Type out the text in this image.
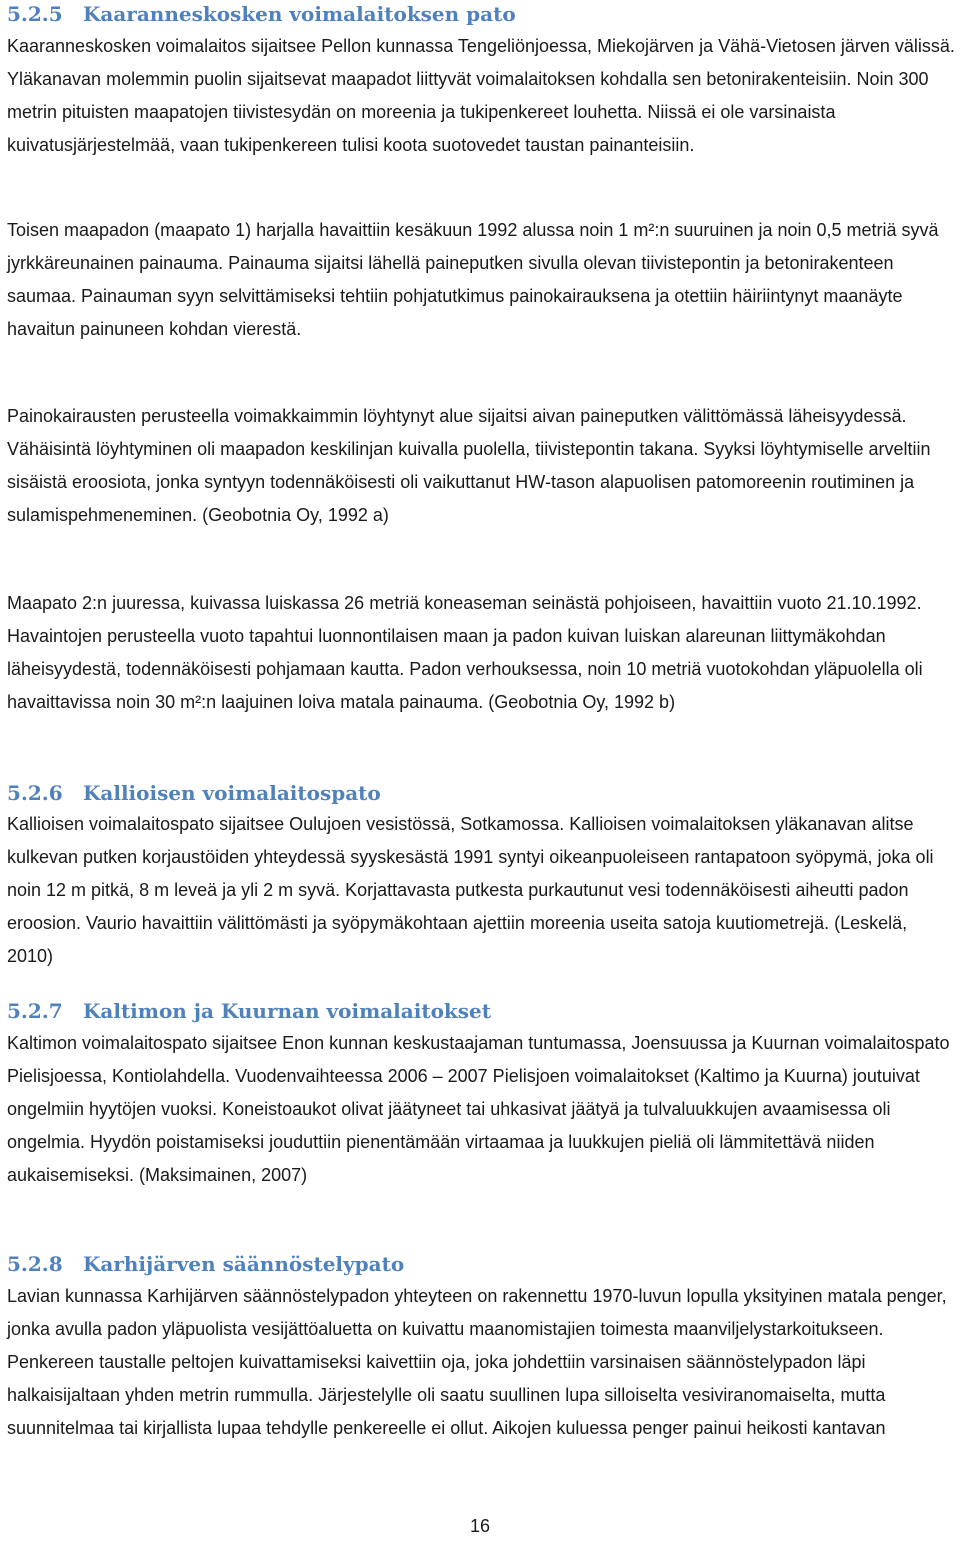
5.2.5 Kaaranneskosken voimalaitoksen pato

Kaaranneskosken voimalaitos sijaitsee Pellon kunnassa Tengeliönjoessa, Miekojärven ja Vähä-Vietosen järven välissä. Yläkanavan molemmin puolin sijaitsevat maapadot liittyvät voimalaitoksen kohdalla sen betonirakenteisiin. Noin 300 metrin pituisten maapatojen tiivistesydän on moreenia ja tukipenkereet louhetta. Niissä ei ole varsinaista kuivatusjärjestelmää, vaan tukipenkereen tulisi koota suotovedet taustan painanteisiin.

Toisen maapadon (maapato 1) harjalla havaittiin kesäkuun 1992 alussa noin 1 m²:n suuruinen ja noin 0,5 metriä syvä jyrkkäreunainen painauma. Painauma sijaitsi lähellä paineputken sivulla olevan tiivistepontin ja betonirakenteen saumaa. Painauman syyn selvittämiseksi tehtiin pohjatutkimus painokairauksena ja otettiin häiriintynyt maanäyte havaitun painuneen kohdan vierestä.

Painokairausten perusteella voimakkaimmin löyhtynyt alue sijaitsi aivan paineputken välittömässä läheisyydessä. Vähäisintä löyhtyminen oli maapadon keskilinjan kuivalla puolella, tiivistepontin takana. Syyksi löyhtymiselle arveltiin sisäistä eroosiota, jonka syntyyn todennäköisesti oli vaikuttanut HW-tason alapuolisen patomoreenin routiminen ja sulamispehmeneminen. (Geobotnia Oy, 1992 a)

Maapato 2:n juuressa, kuivassa luiskassa 26 metriä koneaseman seinästä pohjoiseen, havaittiin vuoto 21.10.1992. Havaintojen perusteella vuoto tapahtui luonnontilaisen maan ja padon kuivan luiskan alareunan liittymäkohdan läheisyydestä, todennäköisesti pohjamaan kautta. Padon verhouksessa, noin 10 metriä vuotokohdan yläpuolella oli havaittavissa noin 30 m²:n laajuinen loiva matala painauma. (Geobotnia Oy, 1992 b)

5.2.6 Kallioisen voimalaitospato

Kallioisen voimalaitospato sijaitsee Oulujoen vesistössä, Sotkamossa. Kallioisen voimalaitoksen yläkanavan alitse kulkevan putken korjaustöiden yhteydessä syyskesästä 1991 syntyi oikeanpuoleiseen rantapatoon syöpymä, joka oli noin 12 m pitkä, 8 m leveä ja yli 2 m syvä. Korjattavasta putkesta purkautunut vesi todennäköisesti aiheutti padon eroosion. Vaurio havaittiin välittömästi ja syöpymäkohtaan ajettiin moreenia useita satoja kuutiometrejä. (Leskelä, 2010)

5.2.7 Kaltimon ja Kuurnan voimalaitokset

Kaltimon voimalaitospato sijaitsee Enon kunnan keskustaajaman tuntumassa, Joensuussa ja Kuurnan voimalaitospato Pielisjoessa, Kontiolahdella. Vuodenvaihteessa 2006 – 2007 Pielisjoen voimalaitokset (Kaltimo ja Kuurna) joutuivat ongelmiin hyytöjen vuoksi. Koneistoaukot olivat jäätyneet tai uhkasivat jäätyä ja tulvaluukkujen avaamisessa oli ongelmia. Hyydön poistamiseksi jouduttiin pienentämään virtaamaa ja luukkujen pieliä oli lämmitettävä niiden aukaisemiseksi. (Maksimainen, 2007)

5.2.8 Karhijärven säännöstelypato

Lavian kunnassa Karhijärven säännöstelypadon yhteyteen on rakennettu 1970-luvun lopulla yksityinen matala penger, jonka avulla padon yläpuolista vesijättöaluetta on kuivattu maanomistajien toimesta maanviljelystarkoitukseen. Penkereen taustalle peltojen kuivattamiseksi kaivettiin oja, joka johdettiin varsinaisen säännöstelypadon läpi halkaisijaltaan yhden metrin rummulla. Järjestelylle oli saatu suullinen lupa silloiselta vesiviranomaiselta, mutta suunnitelmaa tai kirjallista lupaa tehdylle penkereelle ei ollut. Aikojen kuluessa penger painui heikosti kantavan

16
